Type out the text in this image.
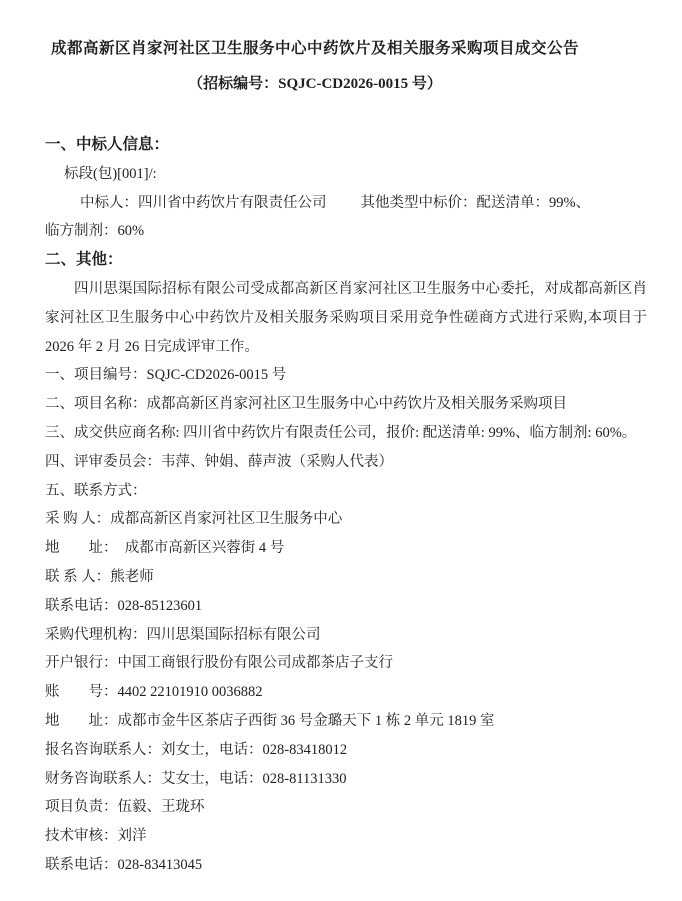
成都高新区肖家河社区卫生服务中心中药饮片及相关服务采购项目成交公告
（招标编号：SQJC-CD2026-0015 号）
一、中标人信息：
标段(包)[001]/:
中标人：四川省中药饮片有限责任公司 其他类型中标价：配送清单：99%、
临方制剂：60%
二、其他：
四川思渠国际招标有限公司受成都高新区肖家河社区卫生服务中心委托，对成都高新区肖家河社区卫生服务中心中药饮片及相关服务采购项目采用竞争性磋商方式进行采购,本项目于 2026 年 2 月 26 日完成评审工作。
一、项目编号：SQJC-CD2026-0015 号
二、项目名称：成都高新区肖家河社区卫生服务中心中药饮片及相关服务采购项目
三、成交供应商名称: 四川省中药饮片有限责任公司，报价: 配送清单: 99%、临方制剂: 60%。
四、评审委员会：韦萍、钟娟、薛声波（采购人代表）
五、联系方式：
采 购 人：成都高新区肖家河社区卫生服务中心
地　　址：　成都市高新区兴蓉街 4 号
联 系 人：熊老师
联系电话：028-85123601
采购代理机构：四川思渠国际招标有限公司
开户银行：中国工商银行股份有限公司成都茶店子支行
账　　号：4402 22101910 0036882
地　　址：成都市金牛区茶店子西街 36 号金璐天下 1 栋 2 单元 1819 室
报名咨询联系人：刘女士，电话：028-83418012
财务咨询联系人：艾女士，电话：028-81131330
项目负责：伍毅、王珑环
技术审核：刘洋
联系电话：028-83413045
